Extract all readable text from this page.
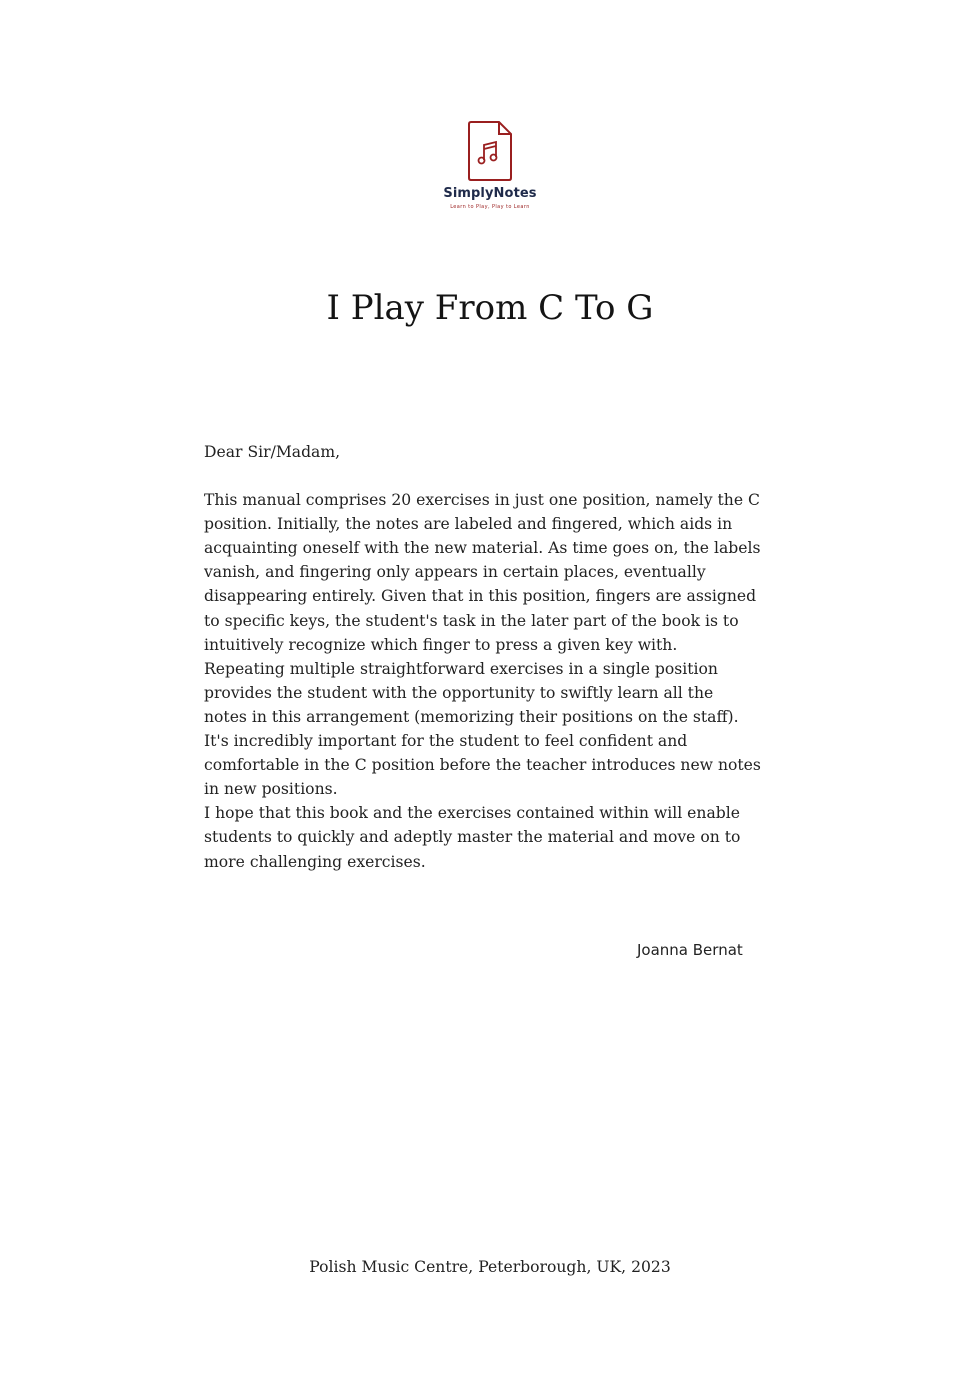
SimplyNotes
Learn to Play, Play to Learn
I Play From C To G

Dear Sir/Madam,

This manual comprises 20 exercises in just one position, namely the C
position. Initially, the notes are labeled and fingered, which aids in
acquainting oneself with the new material. As time goes on, the labels
vanish, and fingering only appears in certain places, eventually
disappearing entirely. Given that in this position, fingers are assigned
to specific keys, the student's task in the later part of the book is to
intuitively recognize which finger to press a given key with.
Repeating multiple straightforward exercises in a single position
provides the student with the opportunity to swiftly learn all the
notes in this arrangement (memorizing their positions on the staff).
It's incredibly important for the student to feel confident and
comfortable in the C position before the teacher introduces new notes
in new positions.
I hope that this book and the exercises contained within will enable
students to quickly and adeptly master the material and move on to
more challenging exercises.

Joanna Bernat
Polish Music Centre, Peterborough, UK, 2023
